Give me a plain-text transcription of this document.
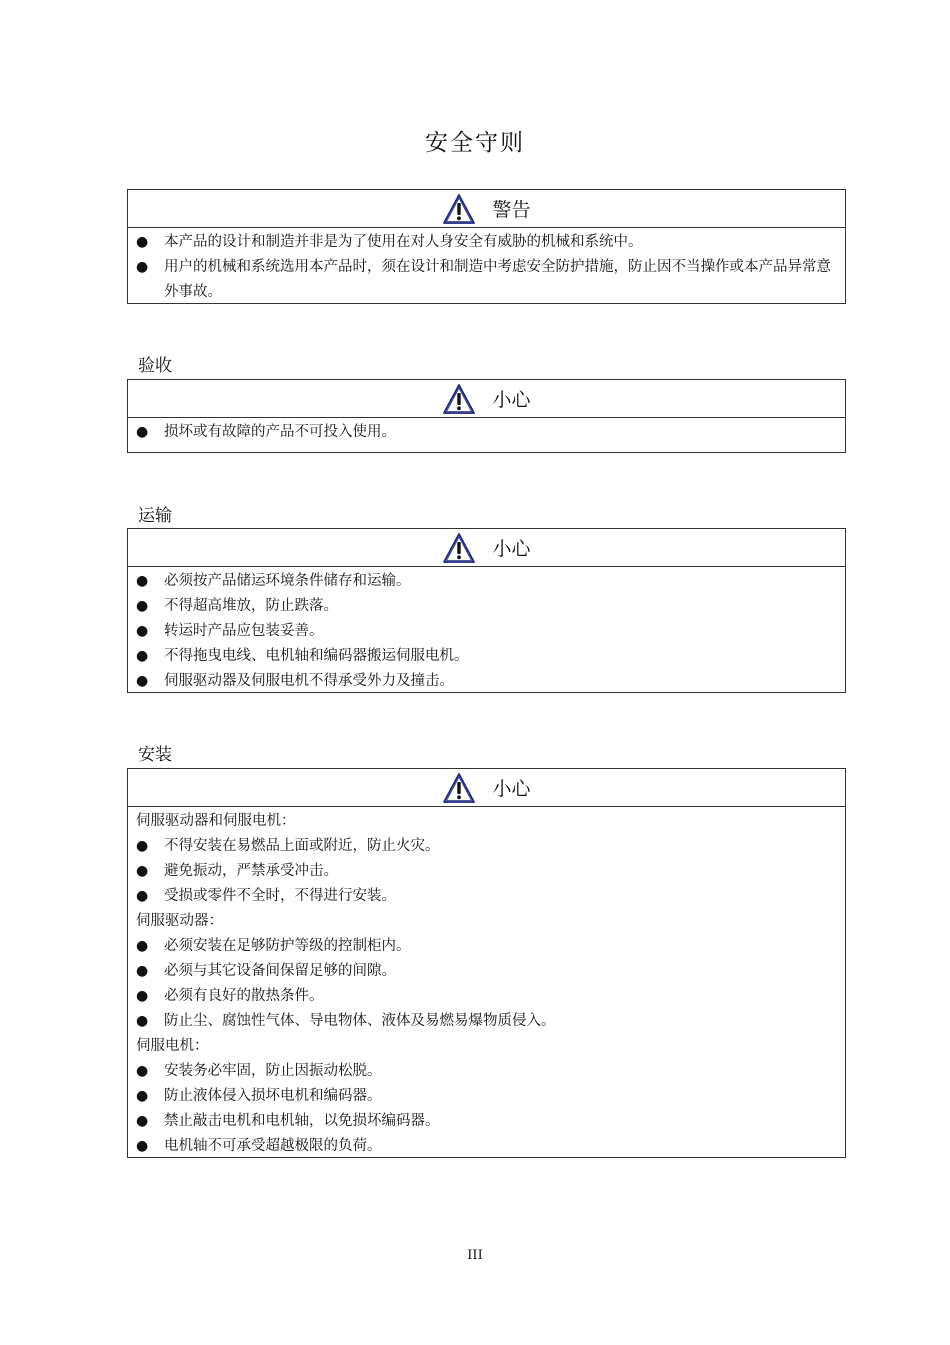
安全守则
警告
●	本产品的设计和制造并非是为了使用在对人身安全有威胁的机械和系统中。
●	用户的机械和系统选用本产品时，须在设计和制造中考虑安全防护措施，防止因不当操作或本产品异常意外事故。
验收
小心
●	损坏或有故障的产品不可投入使用。
运输
小心
●	必须按产品储运环境条件储存和运输。
●	不得超高堆放，防止跌落。
●	转运时产品应包装妥善。
●	不得拖曳电线、电机轴和编码器搬运伺服电机。
●	伺服驱动器及伺服电机不得承受外力及撞击。
安装
小心
伺服驱动器和伺服电机：
●	不得安装在易燃品上面或附近，防止火灾。
●	避免振动，严禁承受冲击。
●	受损或零件不全时，不得进行安装。
伺服驱动器：
●	必须安装在足够防护等级的控制柜内。
●	必须与其它设备间保留足够的间隙。
●	必须有良好的散热条件。
●	防止尘、腐蚀性气体、导电物体、液体及易燃易爆物质侵入。
伺服电机：
●	安装务必牢固，防止因振动松脱。
●	防止液体侵入损坏电机和编码器。
●	禁止敲击电机和电机轴，以免损坏编码器。
●	电机轴不可承受超越极限的负荷。
III
